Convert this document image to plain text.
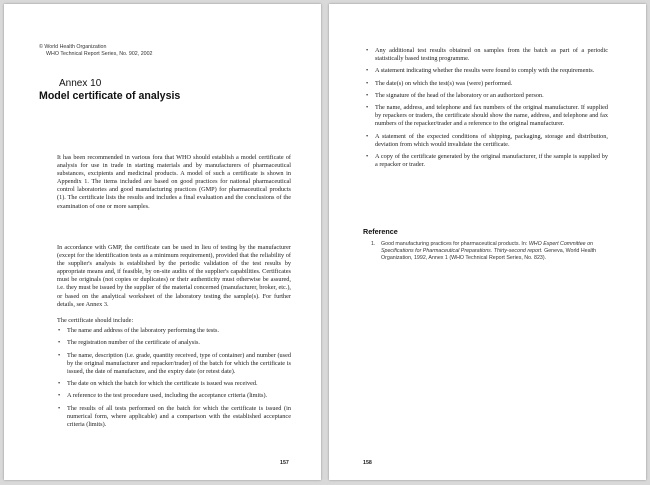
© World Health Organization
WHO Technical Report Series, No. 902, 2002
Annex 10
Model certificate of analysis

It has been recommended in various fora that WHO should establish a model certificate of analysis for use in trade in starting materials and by manufacturers of pharmaceutical substances, excipients and medicinal products. A model of such a certificate is shown in Appendix 1. The items included are based on good practices for national pharmaceutical control laboratories and good manufacturing practices (GMP) for pharmaceutical products (1). The certificate lists the results and includes a final evaluation and the conclusions of the examination of one or more samples.

In accordance with GMP, the certificate can be used in lieu of testing by the manufacturer (except for the identification tests as a minimum requirement), provided that the reliability of the supplier's analysis is established by the periodic validation of the test results by appropriate means and, if feasible, by on-site audits of the supplier's capabilities. Certificates must be originals (not copies or duplicates) or their authenticity must otherwise be assured, i.e. they must be issued by the supplier of the material concerned (manufacturer, broker, etc.), or based on the analytical worksheet of the laboratory testing the sample(s). For further details, see Annex 3.

The certificate should include:

• The name and address of the laboratory performing the tests.
• The registration number of the certificate of analysis.
• The name, description (i.e. grade, quantity received, type of container) and number (used by the original manufacturer and repacker/trader) of the batch for which the certificate is issued, the date of manufacture, and the expiry date (or retest date).
• The date on which the batch for which the certificate is issued was received.
• A reference to the test procedure used, including the acceptance criteria (limits).
• The results of all tests performed on the batch for which the certificate is issued (in numerical form, where applicable) and a comparison with the established acceptance criteria (limits).
157
• Any additional test results obtained on samples from the batch as part of a periodic statistically based testing programme.
• A statement indicating whether the results were found to comply with the requirements.
• The date(s) on which the test(s) was (were) performed.
• The signature of the head of the laboratory or an authorized person.
• The name, address, and telephone and fax numbers of the original manufacturer. If supplied by repackers or traders, the certificate should show the name, address, and telephone and fax numbers of the repacker/trader and a reference to the original manufacturer.
• A statement of the expected conditions of shipping, packaging, storage and distribution, deviation from which would invalidate the certificate.
• A copy of the certificate generated by the original manufacturer, if the sample is supplied by a repacker or trader.
Reference
1. Good manufacturing practices for pharmaceutical products. In: WHO Expert Committee on Specifications for Pharmaceutical Preparations. Thirty-second report. Geneva, World Health Organization, 1992, Annex 1 (WHO Technical Report Series, No. 823).
158
